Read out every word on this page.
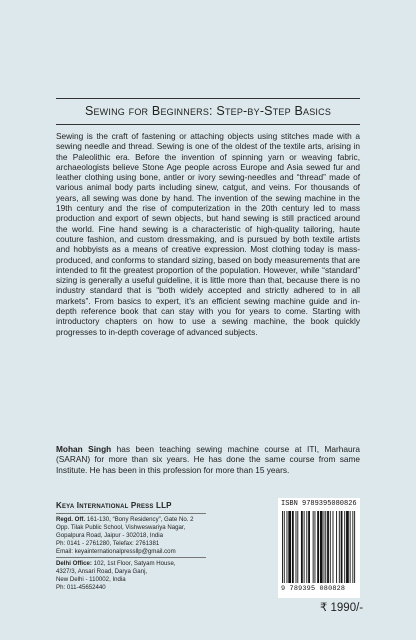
Sewing for Beginners: Step-by-Step Basics

Sewing is the craft of fastening or attaching objects using stitches made with a sewing needle and thread. Sewing is one of the oldest of the textile arts, arising in the Paleolithic era. Before the invention of spinning yarn or weaving fabric, archaeologists believe Stone Age people across Europe and Asia sewed fur and leather clothing using bone, antler or ivory sewing-needles and “thread” made of various animal body parts including sinew, catgut, and veins. For thousands of years, all sewing was done by hand. The invention of the sewing machine in the 19th century and the rise of computerization in the 20th century led to mass production and export of sewn objects, but hand sewing is still practiced around the world. Fine hand sewing is a characteristic of high-quality tailoring, haute couture fashion, and custom dressmaking, and is pursued by both textile artists and hobbyists as a means of creative expression. Most clothing today is mass-produced, and conforms to standard sizing, based on body measurements that are intended to fit the greatest proportion of the population. However, while “standard” sizing is generally a useful guideline, it is little more than that, because there is no industry standard that is “both widely accepted and strictly adhered to in all markets”. From basics to expert, it’s an efficient sewing machine guide and in-depth reference book that can stay with you for years to come. Starting with introductory chapters on how to use a sewing machine, the book quickly progresses to in-depth coverage of advanced subjects.

Mohan Singh has been teaching sewing machine course at ITI, Marhaura (SARAN) for more than six years. He has done the same course from same Institute. He has been in this profession for more than 15 years.
Keya International Press LLP
Regd. Off. 161-130, “Bony Residency”, Gate No. 2
Opp. Tilak Public School, Vishweswariya Nagar,
Gopalpura Road, Jaipur - 302018, India
Ph: 0141 - 2761280, Telefax: 2761381
Email: keyainternationalpressllp@gmail.com
Delhi Office: 102, 1st Floor, Satyam House,
4327/3, Ansari Road, Darya Ganj,
New Delhi - 110002, India
Ph: 011-45652440
ISBN 9789395080826
9 789395 080828
₹ 1990/-
